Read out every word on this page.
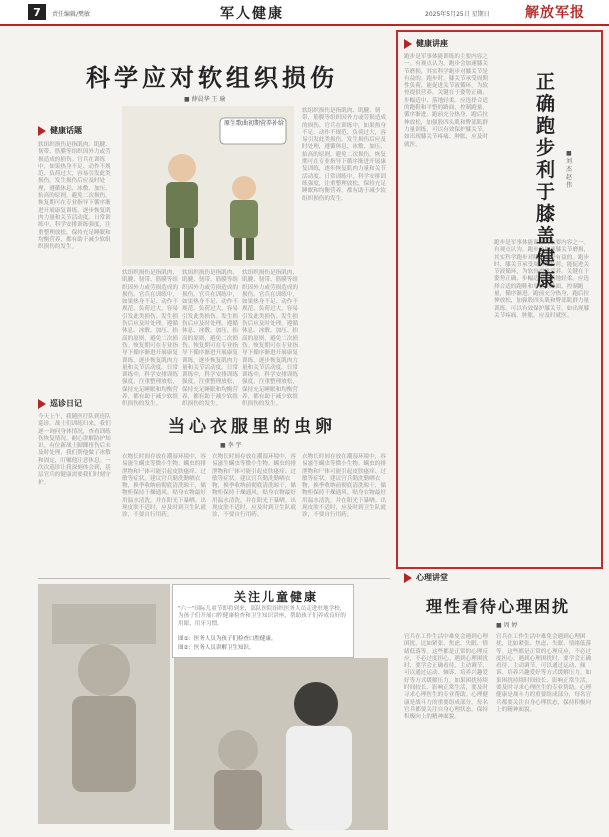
7	责任编辑/樊敏	军人健康	2025年5月25日 星期日	解放军报
科学应对软组织损伤
■ 薛晨华 王 瑜
健康话题
软组织损伤是指肌肉、肌腱、韧带、筋膜等组织因外力或劳损造成的损伤。官兵在训练中，如果热身不足、动作不规范、负荷过大，容易引发此类损伤。发生损伤后应及时处理，遵循休息、冰敷、加压、抬高的原则，避免二次损伤。恢复期可在专业指导下循序渐进开展康复训练，逐步恢复肌肉力量和关节活动度。日常训练中，科学安排训练强度，注重整理放松，保持充足睡眠和均衡营养，都有助于减少软组织损伤的发生。
原生歌曲初期营养补给
软组织损伤是指肌肉、肌腱、韧带、筋膜等组织因外力或劳损造成的损伤。官兵在训练中，如果热身不足、动作不规范、负荷过大，容易引发此类损伤。发生损伤后应及时处理，遵循休息、冰敷、加压、抬高的原则，避免二次损伤。恢复期可在专业指导下循序渐进开展康复训练，逐步恢复肌肉力量和关节活动度。日常训练中，科学安排训练强度，注重整理放松，保持充足睡眠和均衡营养，都有助于减少软组织损伤的发生。
软组织损伤是指肌肉、肌腱、韧带、筋膜等组织因外力或劳损造成的损伤。官兵在训练中，如果热身不足、动作不规范、负荷过大，容易引发此类损伤。发生损伤后应及时处理，遵循休息、冰敷、加压、抬高的原则，避免二次损伤。恢复期可在专业指导下循序渐进开展康复训练，逐步恢复肌肉力量和关节活动度。日常训练中，科学安排训练强度，注重整理放松，保持充足睡眠和均衡营养，都有助于减少软组织损伤的发生。
软组织损伤是指肌肉、肌腱、韧带、筋膜等组织因外力或劳损造成的损伤。官兵在训练中，如果热身不足、动作不规范、负荷过大，容易引发此类损伤。发生损伤后应及时处理，遵循休息、冰敷、加压、抬高的原则，避免二次损伤。恢复期可在专业指导下循序渐进开展康复训练，逐步恢复肌肉力量和关节活动度。日常训练中，科学安排训练强度，注重整理放松，保持充足睡眠和均衡营养，都有助于减少软组织损伤的发生。
软组织损伤是指肌肉、肌腱、韧带、筋膜等组织因外力或劳损造成的损伤。官兵在训练中，如果热身不足、动作不规范、负荷过大，容易引发此类损伤。发生损伤后应及时处理，遵循休息、冰敷、加压、抬高的原则，避免二次损伤。恢复期可在专业指导下循序渐进开展康复训练，逐步恢复肌肉力量和关节活动度。日常训练中，科学安排训练强度，注重整理放松，保持充足睡眠和均衡营养，都有助于减少软组织损伤的发生。
巡诊日记
今天上午，我随医疗队到连队巡诊。战士们训练归来，我们逐一询问身体情况，查看训练伤恢复情况，耐心讲解防护知识。有位新战士脚踝扭伤后未及时处理，我们帮他做了冰敷和固定，叮嘱他注意休息。一次次巡诊让我深刻体会到，基层官兵的健康需要我们时刻守护。
当心衣服里的虫卵
■ 李 宇
衣物长时间存放在潮湿环境中，容易滋生螨虫等微小生物。螨虫的排泄物和尸体可能引起皮肤瘙痒、过敏等症状。建议官兵勤洗勤晒衣物，换季收纳前彻底清洗晾干，储物柜保持干燥通风。贴身衣物最好用温水清洗，并在阳光下暴晒。出现皮肤不适时，应及时到卫生队就诊，不要自行用药。
衣物长时间存放在潮湿环境中，容易滋生螨虫等微小生物。螨虫的排泄物和尸体可能引起皮肤瘙痒、过敏等症状。建议官兵勤洗勤晒衣物，换季收纳前彻底清洗晾干，储物柜保持干燥通风。贴身衣物最好用温水清洗，并在阳光下暴晒。出现皮肤不适时，应及时到卫生队就诊，不要自行用药。
衣物长时间存放在潮湿环境中，容易滋生螨虫等微小生物。螨虫的排泄物和尸体可能引起皮肤瘙痒、过敏等症状。建议官兵勤洗勤晒衣物，换季收纳前彻底清洗晾干，储物柜保持干燥通风。贴身衣物最好用温水清洗，并在阳光下暴晒。出现皮肤不适时，应及时到卫生队就诊，不要自行用药。
健康讲座
跑步是军事体能训练的主要内容之一。有观点认为，跑步会加速膝关节磨损，其实科学跑步对膝关节是有益的。跑步时，膝关节承受周期性负荷，能促进关节液循环，为软骨提供营养。关键在于姿势正确、步幅适中、落地轻柔。应选择合适的跑鞋和平整的路面，控制跑量，循序渐进。跑前充分热身，跑后拉伸放松，加强股四头肌和臀部肌群力量训练，可以有效保护膝关节。如出现膝关节疼痛、肿胀，应及时就医。
跑步是军事体能训练的主要内容之一。有观点认为，跑步会加速膝关节磨损，其实科学跑步对膝关节是有益的。跑步时，膝关节承受周期性负荷，能促进关节液循环，为软骨提供营养。关键在于姿势正确、步幅适中、落地轻柔。应选择合适的跑鞋和平整的路面，控制跑量，循序渐进。跑前充分热身，跑后拉伸放松，加强股四头肌和臀部肌群力量训练，可以有效保护膝关节。如出现膝关节疼痛、肿胀，应及时就医。
正
确
跑
步
利
于
膝
盖
健
康
■ 刘 杰 赵 伟
关注儿童健康
"六一"国际儿童节即将到来，部队医院组织医务人员走进驻地学校，为孩子们开展口腔健康检查和卫生知识讲座，帮助孩子们养成良好的用眼、用牙习惯。
图①：医务人员为孩子们检查口腔健康。
图②：医务人员讲解卫生知识。
心理讲堂
理性看待心理困扰
■ 周 婷
官兵在工作生活中难免会遇到心理困扰，比如紧张、焦虑、失眠、情绪低落等。这些都是正常的心理反应，不必过度担心。遇到心理困扰时，要学会正确看待，主动调节，可以通过运动、倾诉、培养兴趣爱好等方式缓解压力。如果困扰持续时间较长、影响正常生活，要及时寻求心理医生的专业帮助。心理健康是战斗力的重要组成部分，每名官兵都要关注自身心理状态，保持积极向上的精神面貌。
官兵在工作生活中难免会遇到心理困扰，比如紧张、焦虑、失眠、情绪低落等。这些都是正常的心理反应，不必过度担心。遇到心理困扰时，要学会正确看待，主动调节，可以通过运动、倾诉、培养兴趣爱好等方式缓解压力。如果困扰持续时间较长、影响正常生活，要及时寻求心理医生的专业帮助。心理健康是战斗力的重要组成部分，每名官兵都要关注自身心理状态，保持积极向上的精神面貌。
